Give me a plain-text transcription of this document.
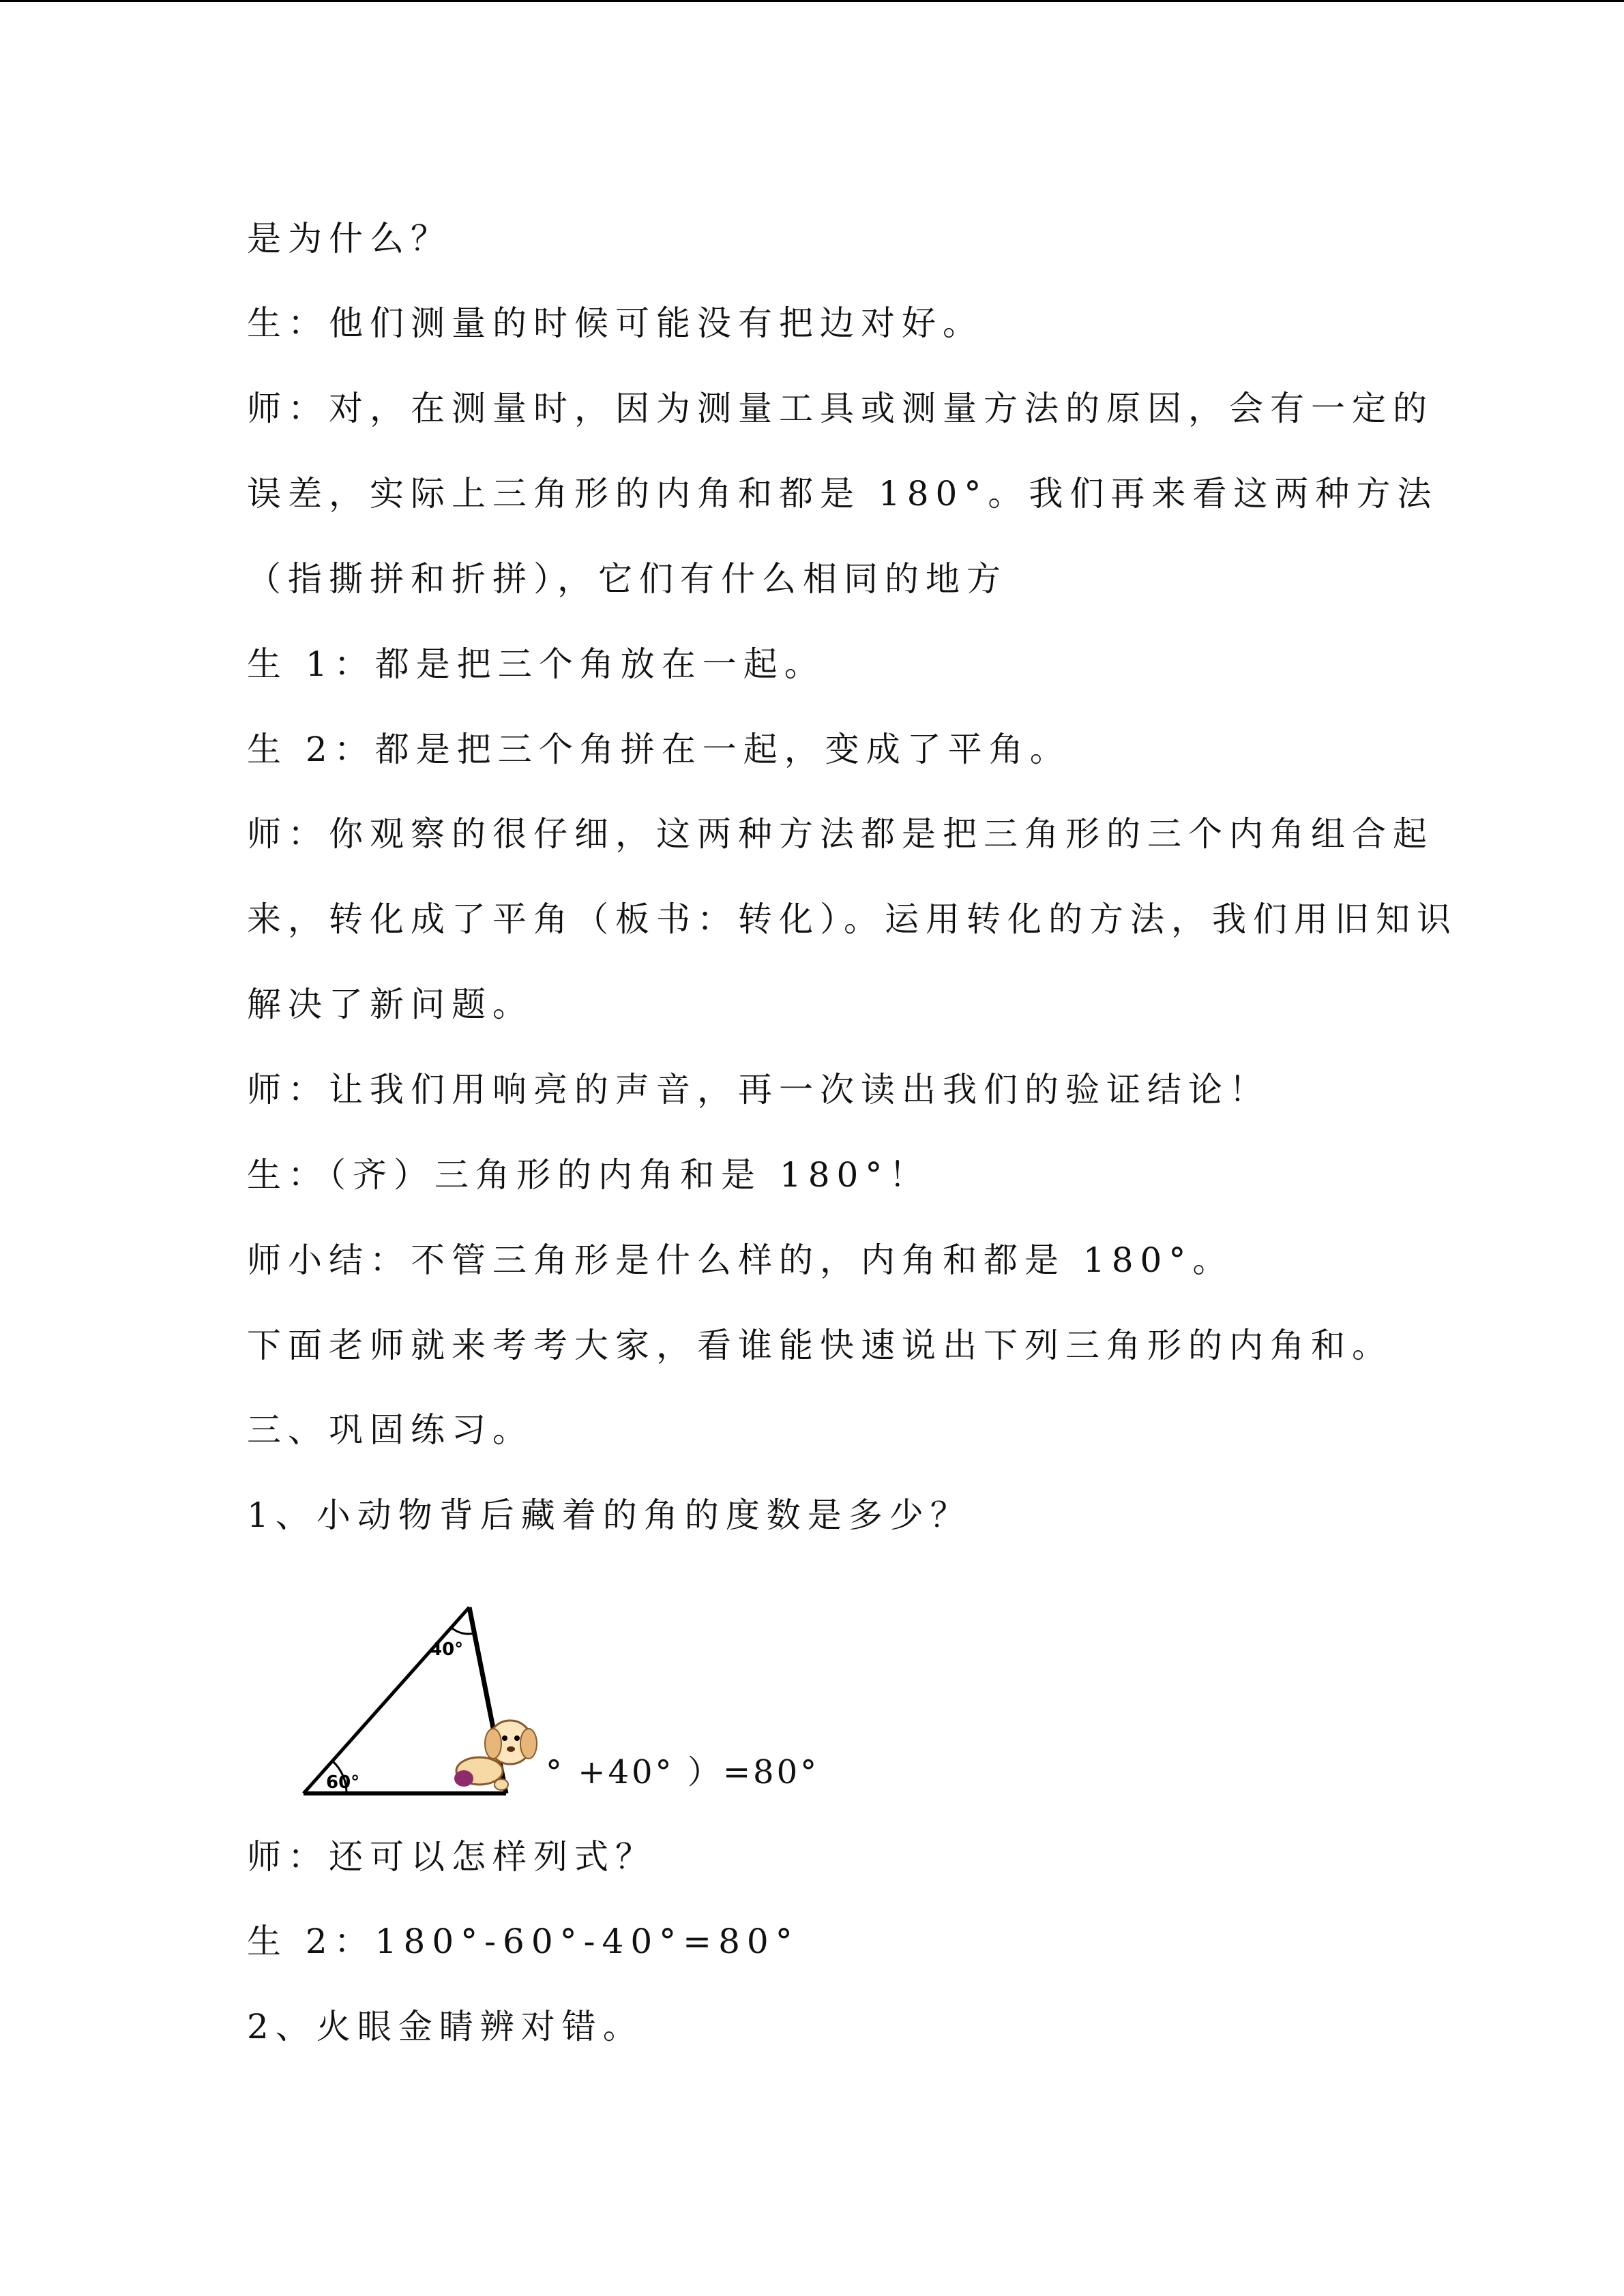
是为什么？
生：他们测量的时候可能没有把边对好。
师：对，在测量时，因为测量工具或测量方法的原因，会有一定的
误差，实际上三角形的内角和都是 180°。我们再来看这两种方法
（指撕拼和折拼），它们有什么相同的地方
生 1：都是把三个角放在一起。
生 2：都是把三个角拼在一起，变成了平角。
师：你观察的很仔细，这两种方法都是把三角形的三个内角组合起
来，转化成了平角（板书：转化）。运用转化的方法，我们用旧知识
解决了新问题。
师：让我们用响亮的声音，再一次读出我们的验证结论！
生：（齐）三角形的内角和是 180°！
师小结：不管三角形是什么样的，内角和都是 180°。
下面老师就来考考大家，看谁能快速说出下列三角形的内角和。
三、巩固练习。
1、小动物背后藏着的角的度数是多少？
40°
60°	° +40° ）=80°
师：还可以怎样列式？
生 2：180°-60°-40°=80°
2、火眼金睛辨对错。
